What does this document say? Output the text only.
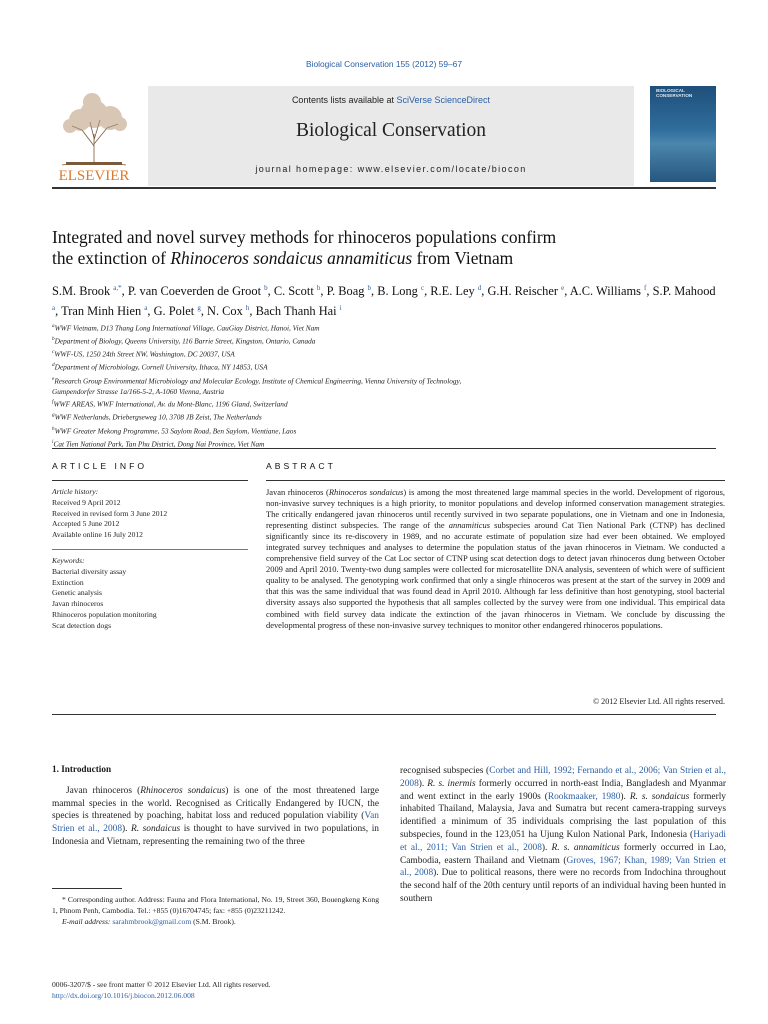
Biological Conservation 155 (2012) 59–67
ELSEVIER
Contents lists available at SciVerse ScienceDirect
Biological Conservation
journal homepage: www.elsevier.com/locate/biocon
BIOLOGICAL
CONSERVATION
Integrated and novel survey methods for rhinoceros populations confirm
the extinction of Rhinoceros sondaicus annamiticus from Vietnam
S.M. Brook $^{a,*}$, P. van Coeverden de Groot $^b$, C. Scott $^b$, P. Boag $^b$, B. Long $^c$, R.E. Ley $^d$, G.H. Reischer $^e$, A.C. Williams $^f$, S.P. Mahood $^a$, Tran Minh Hien $^a$, G. Polet $^g$, N. Cox $^h$, Bach Thanh Hai $^i$
$^a$WWF Vietnam, D13 Thang Long International Village, CauGiay District, Hanoi, Viet Nam
$^b$Department of Biology, Queens University, 116 Barrie Street, Kingston, Ontario, Canada
$^c$WWF-US, 1250 24th Street NW, Washington, DC 20037, USA
$^d$Department of Microbiology, Cornell University, Ithaca, NY 14853, USA
$^e$Research Group Environmental Microbiology and Molecular Ecology, Institute of Chemical Engineering, Vienna University of Technology,
Gumpendorfer Strasse 1a/166-5-2, A-1060 Vienna, Austria
$^f$WWF AREAS, WWF International, Av. du Mont-Blanc, 1196 Gland, Switzerland
$^g$WWF Netherlands, Driebergseweg 10, 3708 JB Zeist, The Netherlands
$^h$WWF Greater Mekong Programme, 53 Saylom Road, Ben Saylom, Vientiane, Laos
$^i$Cat Tien National Park, Tan Phu District, Dong Nai Province, Viet Nam
ARTICLE INFO
Article history:
Received 9 April 2012
Received in revised form 3 June 2012
Accepted 5 June 2012
Available online 16 July 2012
Keywords:
Bacterial diversity assay
Extinction
Genetic analysis
Javan rhinoceros
Rhinoceros population monitoring
Scat detection dogs
ABSTRACT
Javan rhinoceros (Rhinoceros sondaicus) is among the most threatened large mammal species in the world. Development of rigorous, non-invasive survey techniques is a high priority, to monitor populations and develop informed conservation management strategies. The critically endangered javan rhinoceros until recently survived in two separate populations, one in Vietnam and one in Indonesia, representing distinct subspecies. The range of the annamiticus subspecies around Cat Tien National Park (CTNP) has declined significantly since its re-discovery in 1989, and no accurate estimate of population size had ever been obtained. We employed integrated survey techniques and analyses to determine the population status of the javan rhinoceros in Vietnam. We conducted a comprehensive field survey of the Cat Loc sector of CTNP using scat detection dogs to detect javan rhinoceros dung between October 2009 and April 2010. Twenty-two dung samples were collected for microsatellite DNA analysis, seventeen of which were of sufficient quality to be analysed. The genotyping work confirmed that only a single rhinoceros was present at the start of the survey in 2009 and that this was the same individual that was found dead in April 2010. Although far less definitive than host genotyping, stool bacterial diversity assays also supported the hypothesis that all samples collected by the survey were from one individual. This empirical data combined with field survey data indicate the extinction of the javan rhinoceros in Vietnam. We conclude by discussing the developmental progress of these non-invasive survey techniques to monitor other endangered rhinoceros populations.
© 2012 Elsevier Ltd. All rights reserved.
1. Introduction

Javan rhinoceros (Rhinoceros sondaicus) is one of the most threatened large mammal species in the world. Recognised as Critically Endangered by IUCN, the species is threatened by poaching, habitat loss and reduced population viability (Van Strien et al., 2008). R. sondaicus is thought to have survived in two populations, in Indonesia and Vietnam, representing the remaining two of the three

recognised subspecies (Corbet and Hill, 1992; Fernando et al., 2006; Van Strien et al., 2008). R. s. inermis formerly occurred in north-east India, Bangladesh and Myanmar and went extinct in the early 1900s (Rookmaaker, 1980). R. s. sondaicus formerly inhabited Thailand, Malaysia, Java and Sumatra but recent camera-trapping surveys identified a minimum of 35 individuals comprising the last population of this subspecies, found in the 123,051 ha Ujung Kulon National Park, Indonesia (Hariyadi et al., 2011; Van Strien et al., 2008). R. s. annamiticus formerly occurred in Lao, Cambodia, eastern Thailand and Vietnam (Groves, 1967; Khan, 1989; Van Strien et al., 2008). Due to political reasons, there were no records from Indochina throughout the second half of the 20th century until reports of an individual having been hunted in southern

* Corresponding author. Address: Fauna and Flora International, No. 19, Street 360, Bouengkeng Kong 1, Phnom Penh, Cambodia. Tel.: +855 (0)16704745; fax: +855 (0)23211242.
E-mail address: sarahmbrook@gmail.com (S.M. Brook).
0006-3207/$ - see front matter © 2012 Elsevier Ltd. All rights reserved.
http://dx.doi.org/10.1016/j.biocon.2012.06.008
